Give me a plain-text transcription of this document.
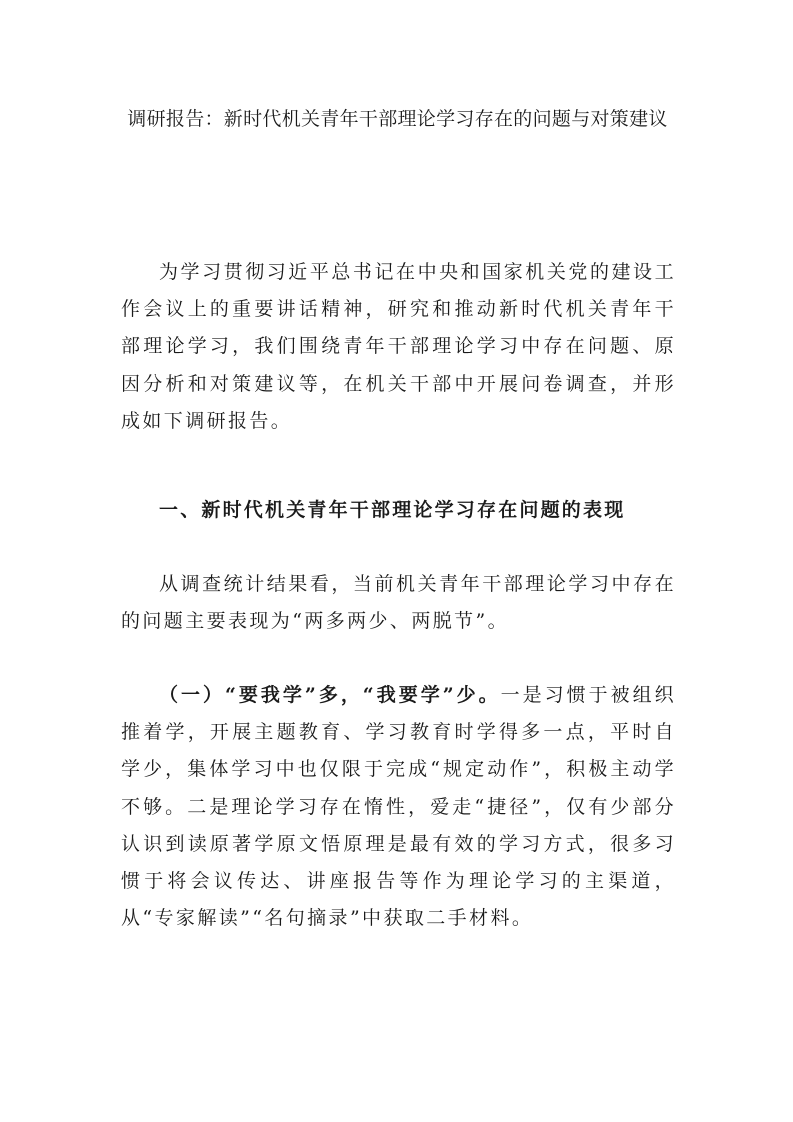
调研报告：新时代机关青年干部理论学习存在的问题与对策建议

为学习贯彻习近平总书记在中央和国家机关党的建设工作会议上的重要讲话精神，研究和推动新时代机关青年干部理论学习，我们围绕青年干部理论学习中存在问题、原因分析和对策建议等，在机关干部中开展问卷调查，并形成如下调研报告。

一、新时代机关青年干部理论学习存在问题的表现

从调查统计结果看，当前机关青年干部理论学习中存在的问题主要表现为“两多两少、两脱节”。

（一）“要我学”多，“我要学”少。一是习惯于被组织推着学，开展主题教育、学习教育时学得多一点，平时自学少，集体学习中也仅限于完成“规定动作”，积极主动学不够。二是理论学习存在惰性，爱走“捷径”，仅有少部分认识到读原著学原文悟原理是最有效的学习方式，很多习惯于将会议传达、讲座报告等作为理论学习的主渠道，从“专家解读”“名句摘录”中获取二手材料。
